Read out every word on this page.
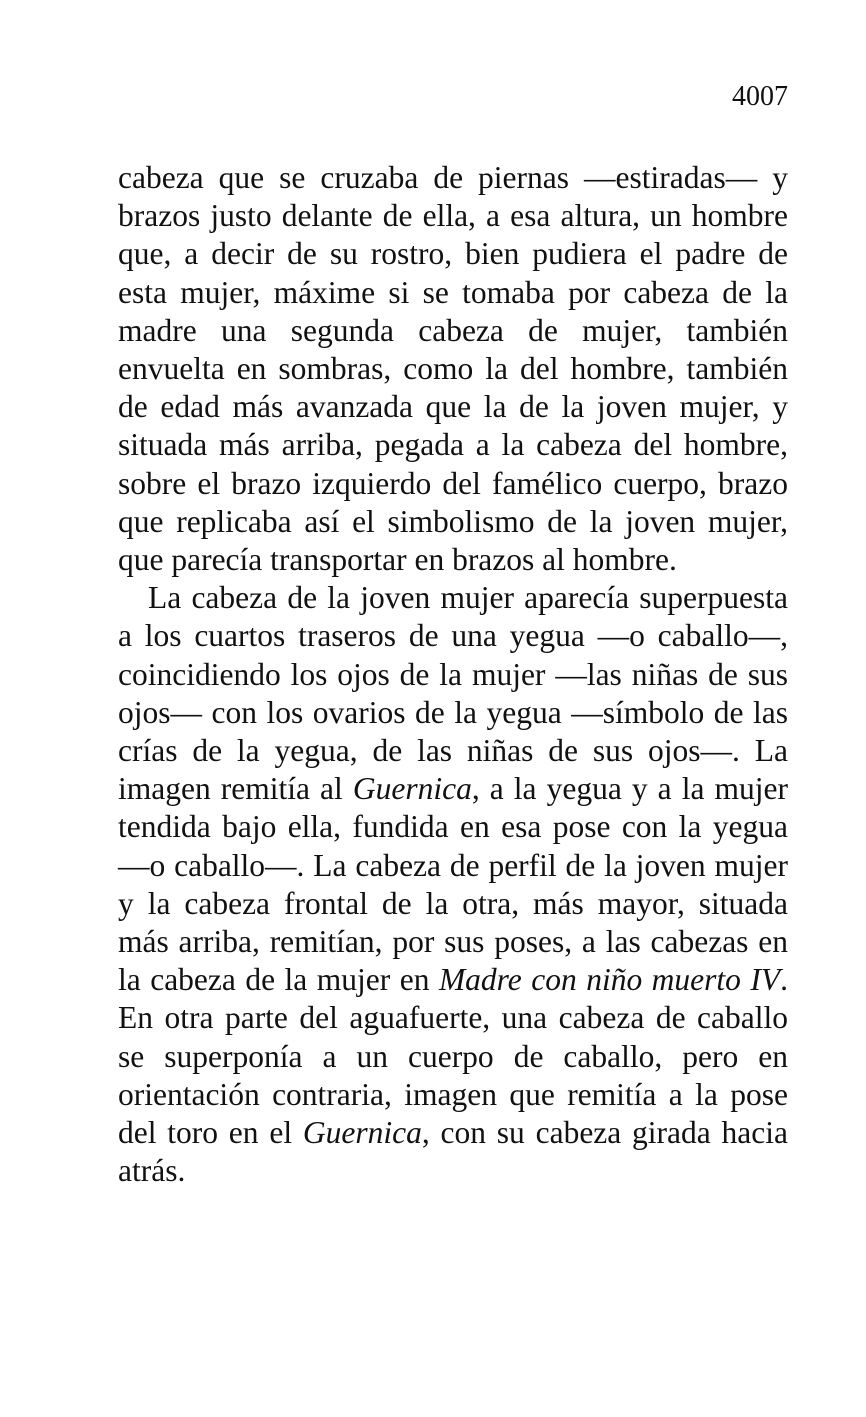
4007

cabeza que se cruzaba de piernas —estiradas— y brazos justo delante de ella, a esa altura, un hombre que, a decir de su rostro, bien pudiera el padre de esta mujer, máxime si se tomaba por cabeza de la madre una segunda cabeza de mujer, también envuelta en sombras, como la del hombre, también de edad más avanzada que la de la joven mujer, y situada más arriba, pegada a la cabeza del hombre, sobre el brazo izquierdo del famélico cuerpo, brazo que replicaba así el simbolismo de la joven mujer, que parecía transportar en brazos al hombre.

La cabeza de la joven mujer aparecía superpuesta a los cuartos traseros de una yegua —o caballo—, coincidiendo los ojos de la mujer —las niñas de sus ojos— con los ovarios de la yegua —símbolo de las crías de la yegua, de las niñas de sus ojos—. La imagen remitía al Guernica, a la yegua y a la mujer tendida bajo ella, fundida en esa pose con la yegua —o caballo—. La cabeza de perfil de la joven mujer y la cabeza frontal de la otra, más mayor, situada más arriba, remitían, por sus poses, a las cabezas en la cabeza de la mujer en Madre con niño muerto IV. En otra parte del aguafuerte, una cabeza de caballo se superponía a un cuerpo de caballo, pero en orientación contraria, imagen que remitía a la pose del toro en el Guernica, con su cabeza girada hacia atrás.
